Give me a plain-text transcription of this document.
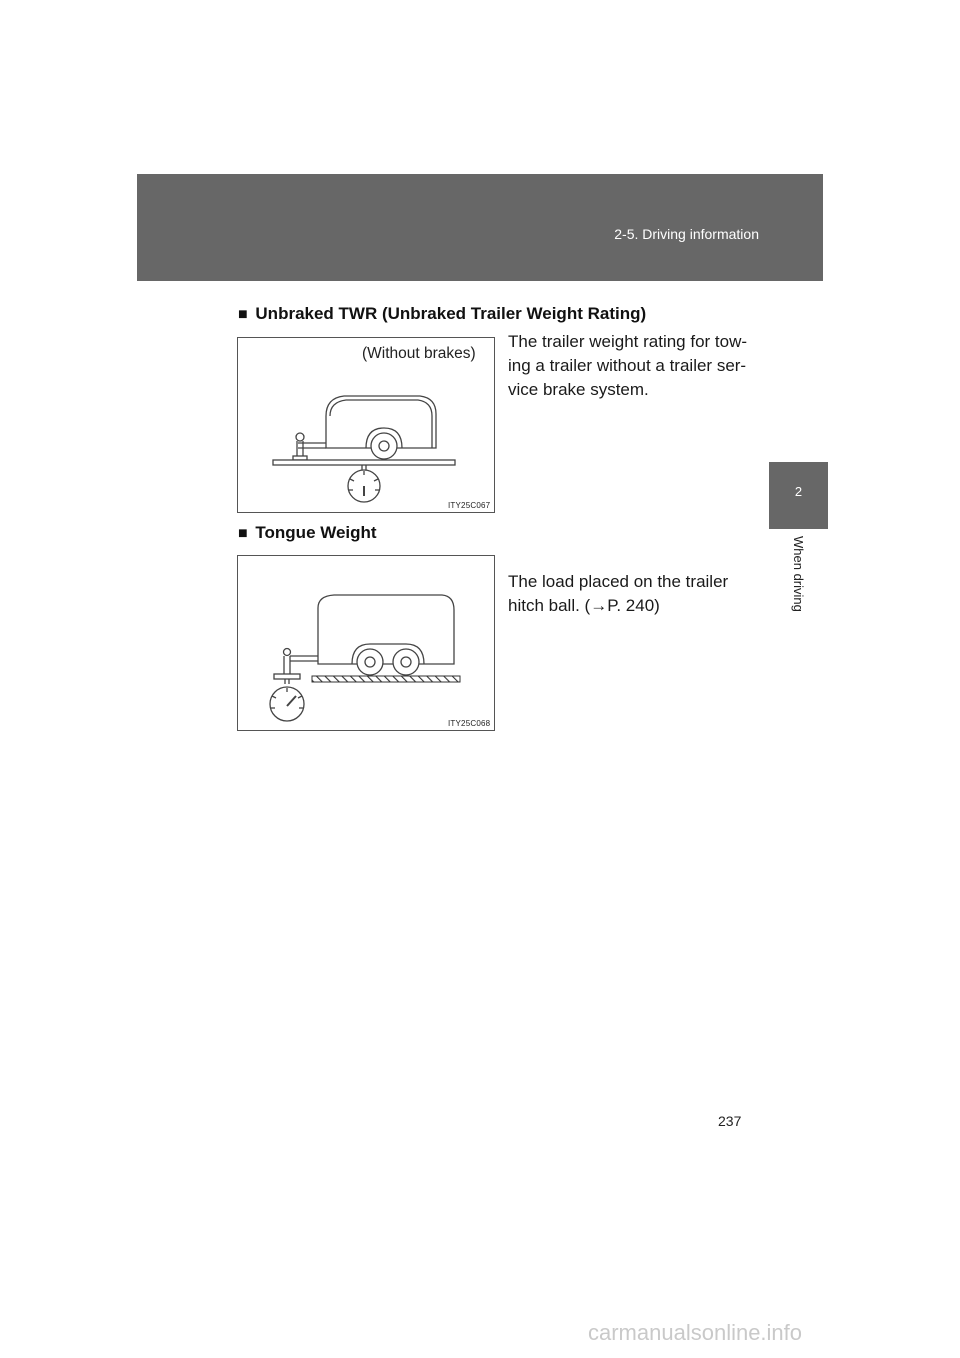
2-5. Driving information
2
When driving
■ Unbraked TWR (Unbraked Trailer Weight Rating)
(Without brakes)
ITY25C067
The trailer weight rating for tow-
ing a trailer without a trailer ser-
vice brake system.
■ Tongue Weight
ITY25C068
The load placed on the trailer
hitch ball. (→P. 240)
237
carmanualsonline.info
